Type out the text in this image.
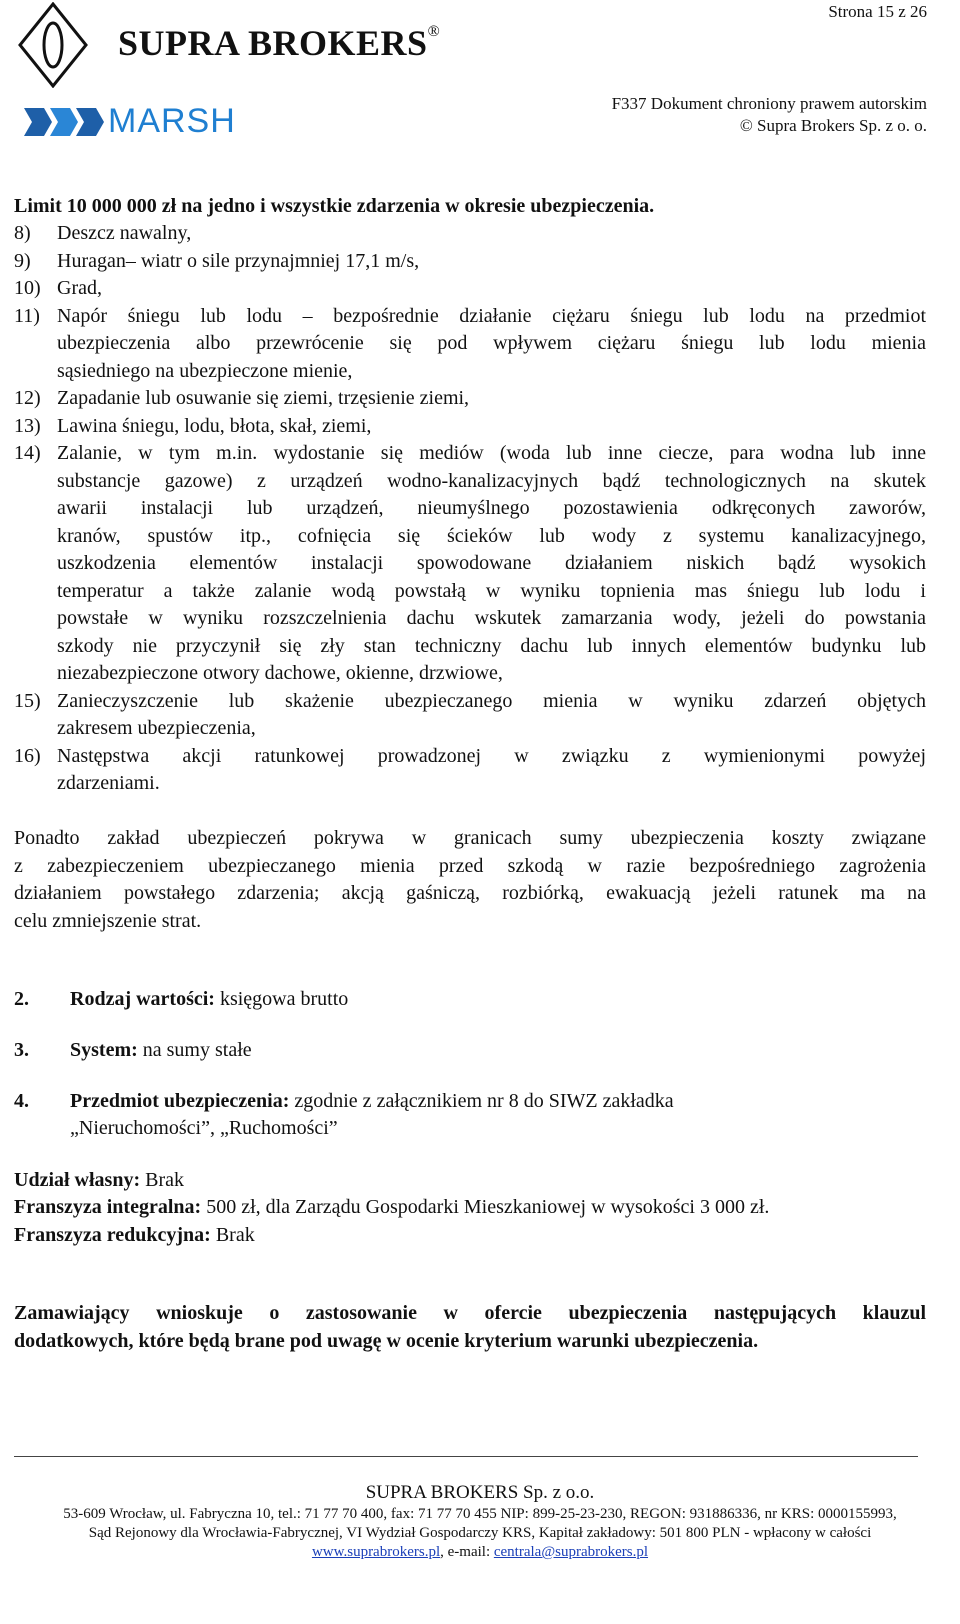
Strona 15 z 26
SUPRA BROKERS®
MARSH	F337 Dokument chroniony prawem autorskim
© Supra Brokers Sp. z o. o.
Limit 10 000 000 zł na jedno i wszystkie zdarzenia w okresie ubezpieczenia.
8) Deszcz nawalny,
9) Huragan– wiatr o sile przynajmniej 17,1 m/s,
10) Grad,
11) Napór śniegu lub lodu – bezpośrednie działanie ciężaru śniegu lub lodu na przedmiot
ubezpieczenia albo przewrócenie się pod wpływem ciężaru śniegu lub lodu mienia
sąsiedniego na ubezpieczone mienie,
12) Zapadanie lub osuwanie się ziemi, trzęsienie ziemi,
13) Lawina śniegu, lodu, błota, skał, ziemi,
14) Zalanie, w tym m.in. wydostanie się mediów (woda lub inne ciecze, para wodna lub inne
substancje gazowe) z urządzeń wodno-kanalizacyjnych bądź technologicznych na skutek
awarii instalacji lub urządzeń, nieumyślnego pozostawienia odkręconych zaworów,
kranów, spustów itp., cofnięcia się ścieków lub wody z systemu kanalizacyjnego,
uszkodzenia elementów instalacji spowodowane działaniem niskich bądź wysokich
temperatur a także zalanie wodą powstałą w wyniku topnienia mas śniegu lub lodu i
powstałe w wyniku rozszczelnienia dachu wskutek zamarzania wody, jeżeli do powstania
szkody nie przyczynił się zły stan techniczny dachu lub innych elementów budynku lub
niezabezpieczone otwory dachowe, okienne, drzwiowe,
15) Zanieczyszczenie lub skażenie ubezpieczanego mienia w wyniku zdarzeń objętych
zakresem ubezpieczenia,
16) Następstwa akcji ratunkowej prowadzonej w związku z wymienionymi powyżej
zdarzeniami.
Ponadto zakład ubezpieczeń pokrywa w granicach sumy ubezpieczenia koszty związane
z zabezpieczeniem ubezpieczanego mienia przed szkodą w razie bezpośredniego zagrożenia
działaniem powstałego zdarzenia; akcją gaśniczą, rozbiórką, ewakuacją jeżeli ratunek ma na
celu zmniejszenie strat.
2. Rodzaj wartości: księgowa brutto
3. System: na sumy stałe
4. Przedmiot ubezpieczenia: zgodnie z załącznikiem nr 8 do SIWZ zakładka
„Nieruchomości”, „Ruchomości”
Udział własny: Brak
Franszyza integralna: 500 zł, dla Zarządu Gospodarki Mieszkaniowej w wysokości 3 000 zł.
Franszyza redukcyjna: Brak
Zamawiający wnioskuje o zastosowanie w ofercie ubezpieczenia następujących klauzul
dodatkowych, które będą brane pod uwagę w ocenie kryterium warunki ubezpieczenia.
SUPRA BROKERS Sp. z o.o.
53-609 Wrocław, ul. Fabryczna 10, tel.: 71 77 70 400, fax: 71 77 70 455 NIP: 899-25-23-230, REGON: 931886336, nr KRS: 0000155993,
Sąd Rejonowy dla Wrocławia-Fabrycznej, VI Wydział Gospodarczy KRS, Kapitał zakładowy: 501 800 PLN - wpłacony w całości
www.suprabrokers.pl, e-mail: centrala@suprabrokers.pl
